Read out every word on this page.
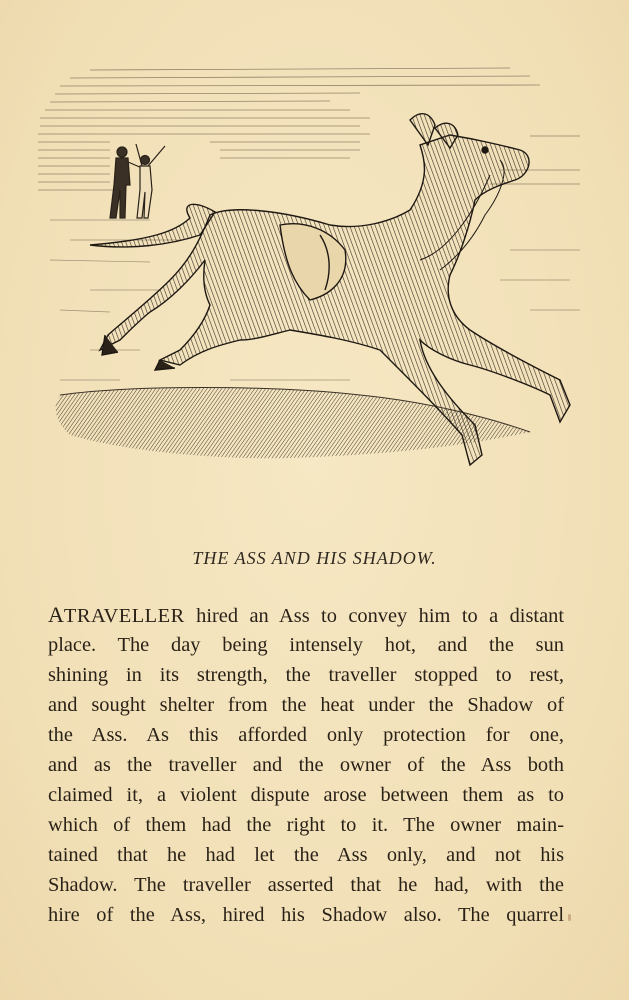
THE ASS AND HIS SHADOW.
ATRAVELLER hired an Ass to convey him to a distant
place. The day being intensely hot, and the sun
shining in its strength, the traveller stopped to rest,
and sought shelter from the heat under the Shadow of
the Ass. As this afforded only protection for one,
and as the traveller and the owner of the Ass both
claimed it, a violent dispute arose between them as to
which of them had the right to it. The owner main-
tained that he had let the Ass only, and not his
Shadow. The traveller asserted that he had, with the
hire of the Ass, hired his Shadow also. The quarrel
